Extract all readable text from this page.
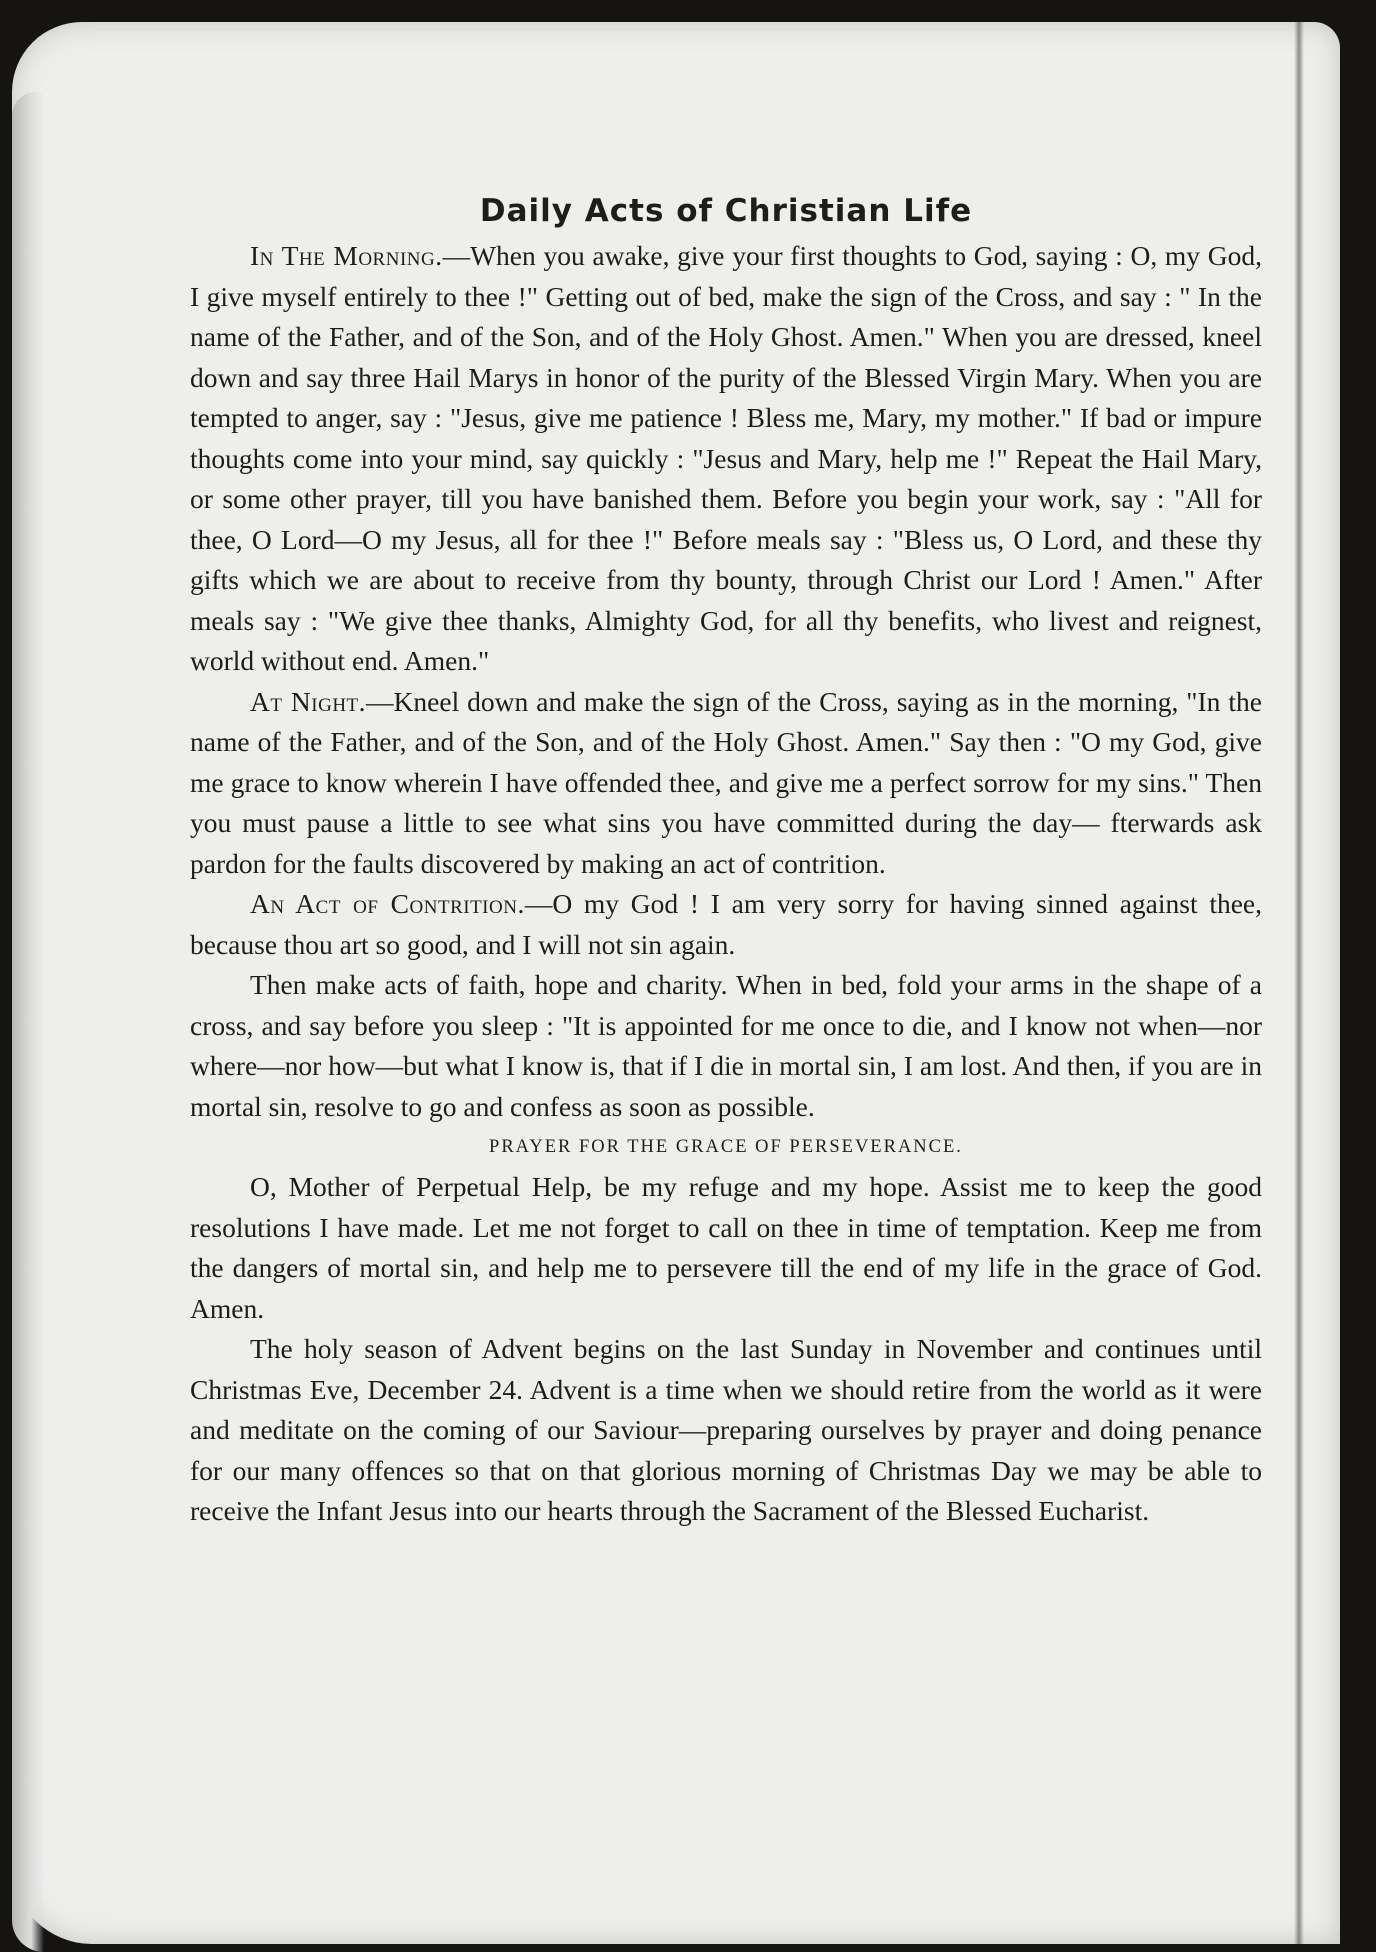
Daily Acts of Christian Life

In The Morning.—When you awake, give your first thoughts to God, saying : O, my God, I give myself entirely to thee !" Getting out of bed, make the sign of the Cross, and say : " In the name of the Father, and of the Son, and of the Holy Ghost. Amen." When you are dressed, kneel down and say three Hail Marys in honor of the purity of the Blessed Virgin Mary. When you are tempted to anger, say : "Jesus, give me patience ! Bless me, Mary, my mother." If bad or impure thoughts come into your mind, say quickly : "Jesus and Mary, help me !" Repeat the Hail Mary, or some other prayer, till you have banished them. Before you begin your work, say : "All for thee, O Lord—O my Jesus, all for thee !" Before meals say : "Bless us, O Lord, and these thy gifts which we are about to receive from thy bounty, through Christ our Lord ! Amen." After meals say : "We give thee thanks, Almighty God, for all thy benefits, who livest and reignest, world without end. Amen."

At Night.—Kneel down and make the sign of the Cross, saying as in the morning, "In the name of the Father, and of the Son, and of the Holy Ghost. Amen." Say then : "O my God, give me grace to know wherein I have offended thee, and give me a perfect sorrow for my sins." Then you must pause a little to see what sins you have committed during the day— fterwards ask pardon for the faults discovered by making an act of contrition.

An Act of Contrition.—O my God ! I am very sorry for having sinned against thee, because thou art so good, and I will not sin again.

Then make acts of faith, hope and charity. When in bed, fold your arms in the shape of a cross, and say before you sleep : "It is appointed for me once to die, and I know not when—nor where—nor how—but what I know is, that if I die in mortal sin, I am lost. And then, if you are in mortal sin, resolve to go and confess as soon as possible.

PRAYER FOR THE GRACE OF PERSEVERANCE.

O, Mother of Perpetual Help, be my refuge and my hope. Assist me to keep the good resolutions I have made. Let me not forget to call on thee in time of temptation. Keep me from the dangers of mortal sin, and help me to persevere till the end of my life in the grace of God. Amen.

The holy season of Advent begins on the last Sunday in November and continues until Christmas Eve, December 24. Advent is a time when we should retire from the world as it were and meditate on the coming of our Saviour—preparing ourselves by prayer and doing penance for our many offences so that on that glorious morning of Christmas Day we may be able to receive the Infant Jesus into our hearts through the Sacrament of the Blessed Eucharist.
